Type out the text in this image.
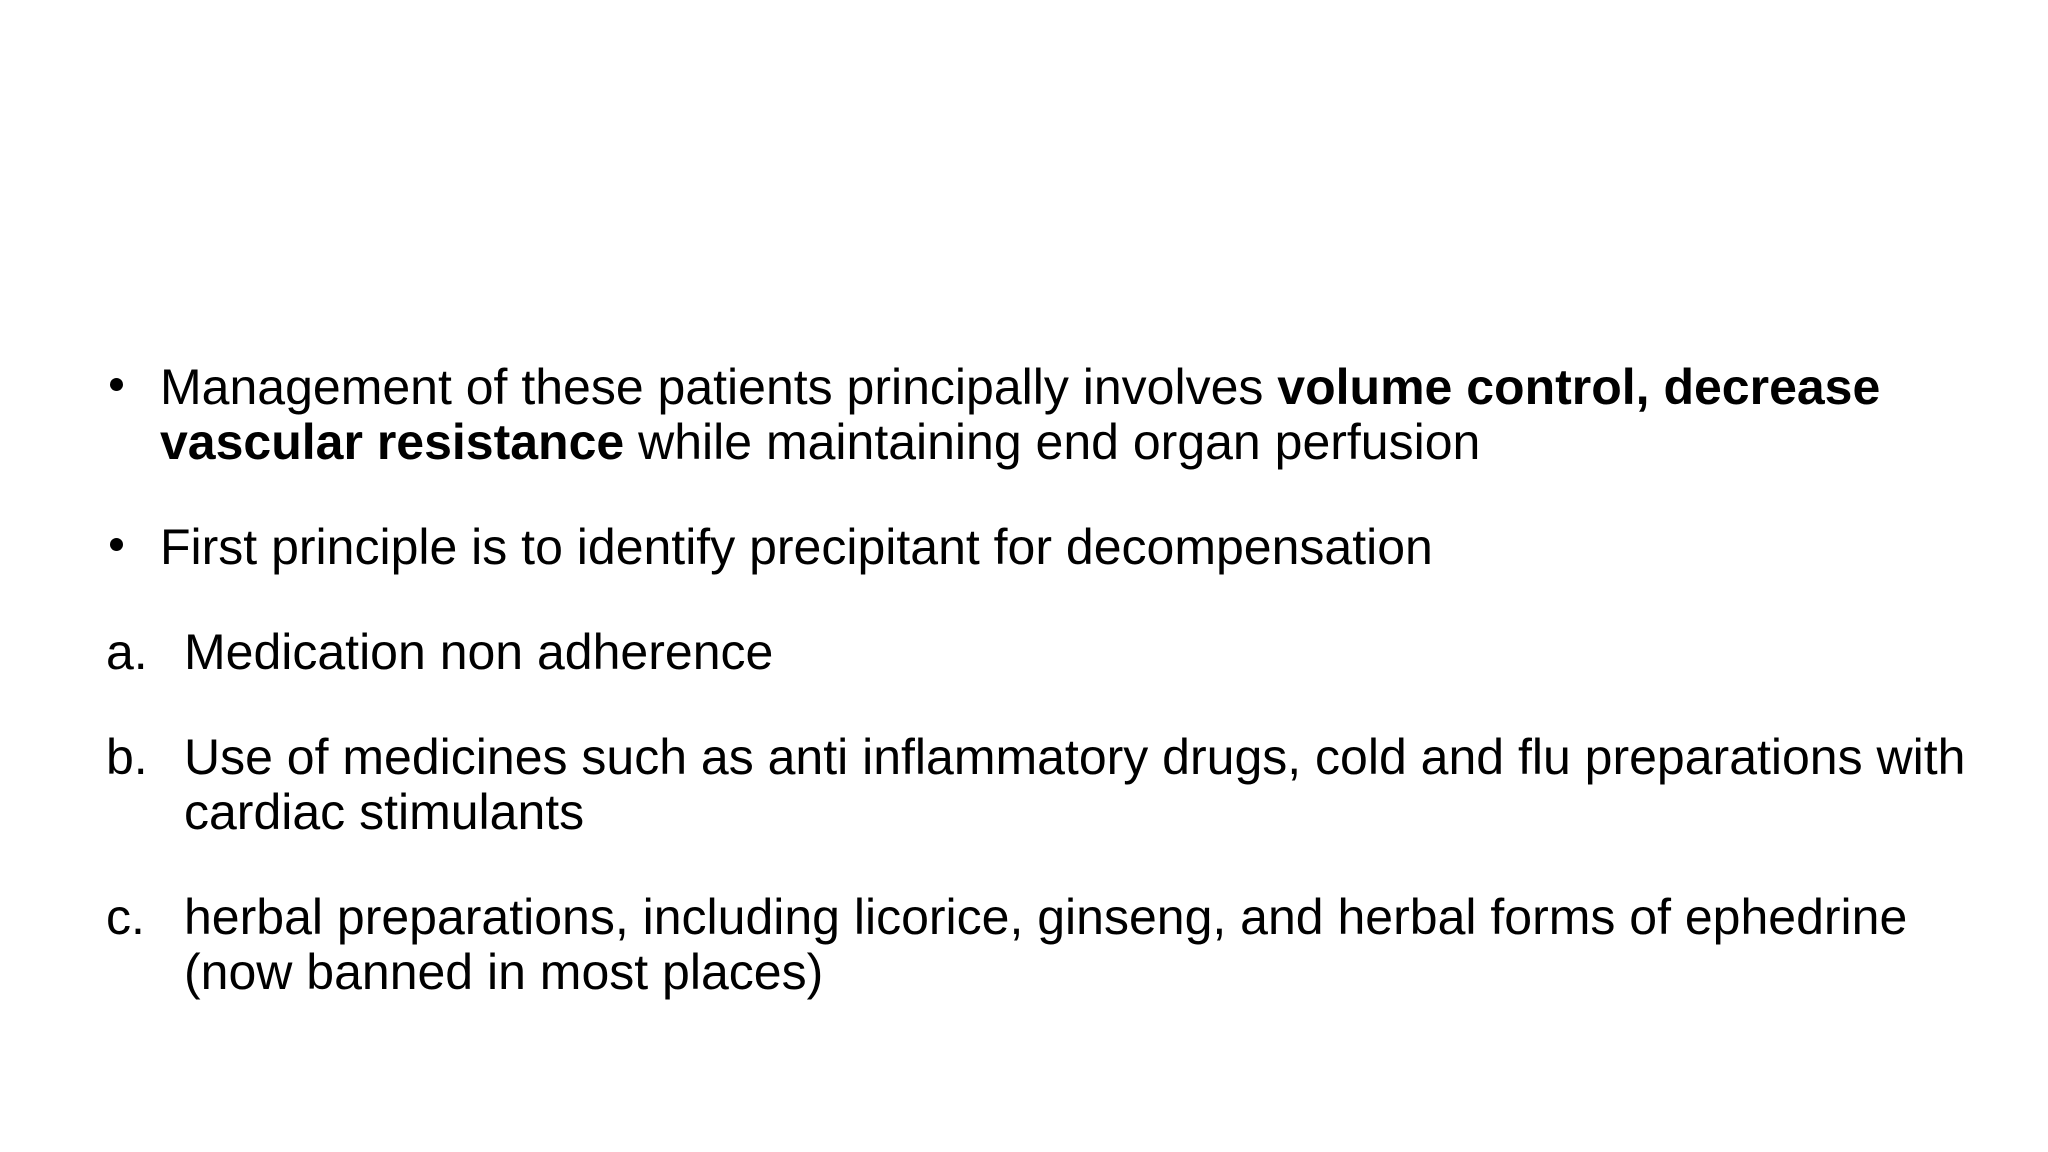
Management of these patients principally involves volume control, decrease vascular resistance while maintaining end organ perfusion
First principle is to identify precipitant for decompensation
a. Medication non adherence
b. Use of medicines such as anti inflammatory drugs, cold and flu preparations with cardiac stimulants
c. herbal preparations, including licorice, ginseng, and herbal forms of ephedrine (now banned in most places)
